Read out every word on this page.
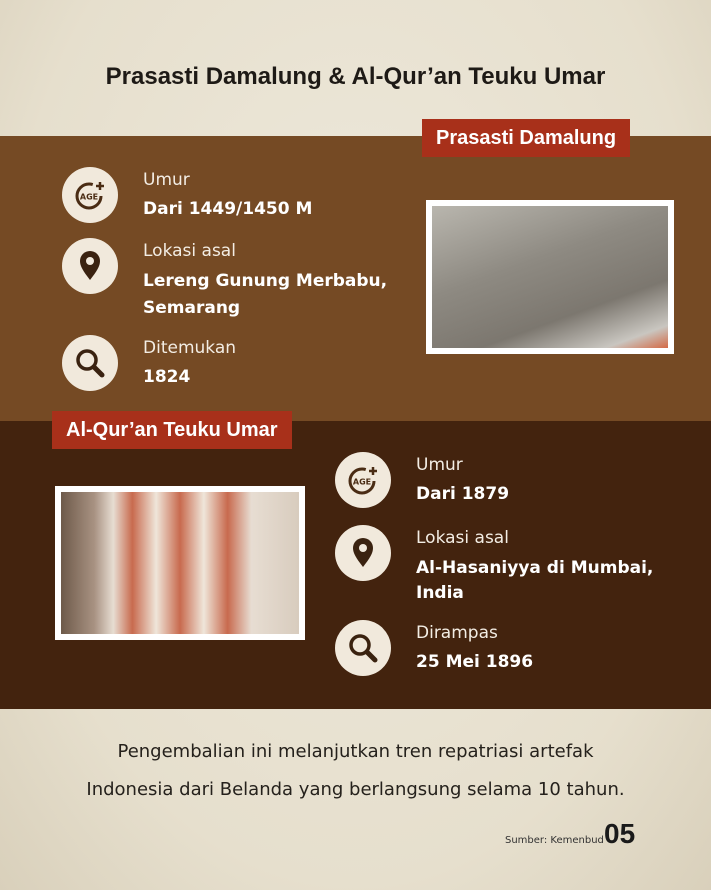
Prasasti Damalung & Al-Qur’an Teuku Umar
Prasasti Damalung
AGE
Umur
Dari 1449/1450 M
Lokasi asal
Lereng Gunung Merbabu,
Semarang
Ditemukan
1824
Al-Qur’an Teuku Umar
AGE
Umur
Dari 1879
Lokasi asal
Al-Hasaniyya di Mumbai,
India
Dirampas
25 Mei 1896
Pengembalian ini melanjutkan tren repatriasi artefak
Indonesia dari Belanda yang berlangsung selama 10 tahun.
Sumber: Kemenbud 05
